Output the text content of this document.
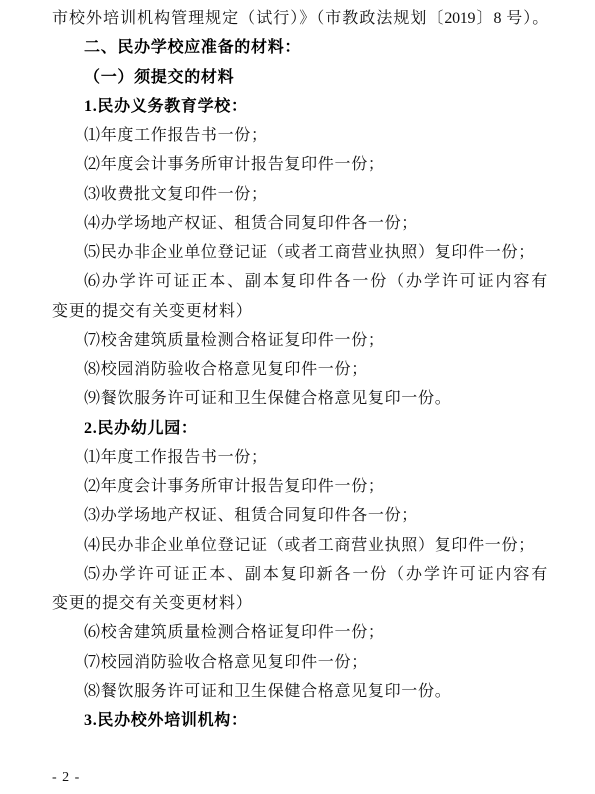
市校外培训机构管理规定（试行）》（市教政法规划〔2019〕8 号）。
二、民办学校应准备的材料：
（一）须提交的材料
1.民办义务教育学校：
⑴年度工作报告书一份；
⑵年度会计事务所审计报告复印件一份；
⑶收费批文复印件一份；
⑷办学场地产权证、租赁合同复印件各一份；
⑸民办非企业单位登记证（或者工商营业执照）复印件一份；
⑹办学许可证正本、副本复印件各一份（办学许可证内容有
变更的提交有关变更材料）
⑺校舍建筑质量检测合格证复印件一份；
⑻校园消防验收合格意见复印件一份；
⑼餐饮服务许可证和卫生保健合格意见复印一份。
2.民办幼儿园：
⑴年度工作报告书一份；
⑵年度会计事务所审计报告复印件一份；
⑶办学场地产权证、租赁合同复印件各一份；
⑷民办非企业单位登记证（或者工商营业执照）复印件一份；
⑸办学许可证正本、副本复印新各一份（办学许可证内容有
变更的提交有关变更材料）
⑹校舍建筑质量检测合格证复印件一份；
⑺校园消防验收合格意见复印件一份；
⑻餐饮服务许可证和卫生保健合格意见复印一份。
3.民办校外培训机构：
- 2 -
